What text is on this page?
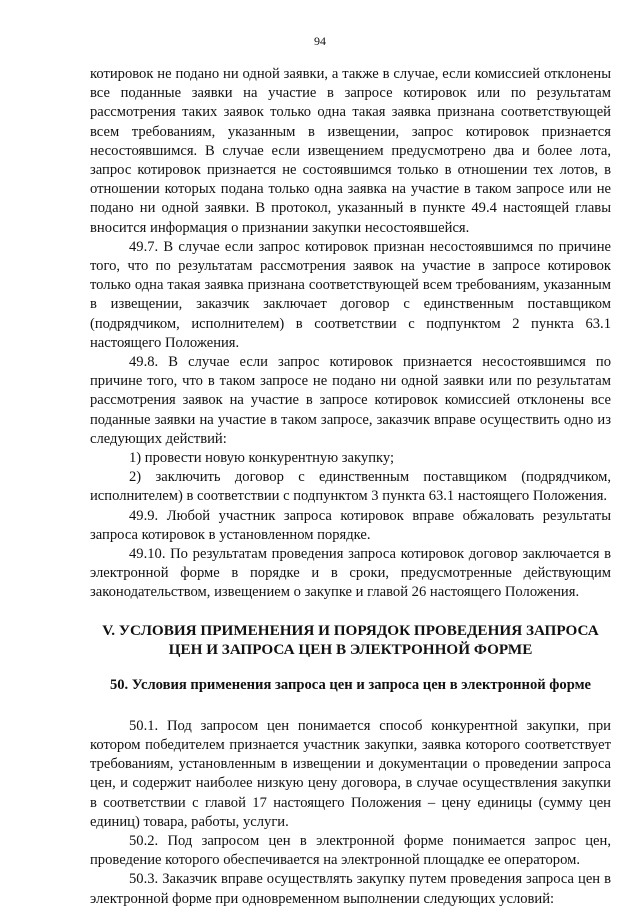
94

котировок не подано ни одной заявки, а также в случае, если комиссией отклонены все поданные заявки на участие в запросе котировок или по результатам рассмотрения таких заявок только одна такая заявка признана соответствующей всем требованиям, указанным в извещении, запрос котировок признается несостоявшимся. В случае если извещением предусмотрено два и более лота, запрос котировок признается не состоявшимся только в отношении тех лотов, в отношении которых подана только одна заявка на участие в таком запросе или не подано ни одной заявки. В протокол, указанный в пункте 49.4 настоящей главы вносится информация о признании закупки несостоявшейся.

49.7. В случае если запрос котировок признан несостоявшимся по причине того, что по результатам рассмотрения заявок на участие в запросе котировок только одна такая заявка признана соответствующей всем требованиям, указанным в извещении, заказчик заключает договор с единственным поставщиком (подрядчиком, исполнителем) в соответствии с подпунктом 2 пункта 63.1 настоящего Положения.

49.8. В случае если запрос котировок признается несостоявшимся по причине того, что в таком запросе не подано ни одной заявки или по результатам рассмотрения заявок на участие в запросе котировок комиссией отклонены все поданные заявки на участие в таком запросе, заказчик вправе осуществить одно из следующих действий:

1) провести новую конкурентную закупку;

2) заключить договор с единственным поставщиком (подрядчиком, исполнителем) в соответствии с подпунктом 3 пункта 63.1 настоящего Положения.

49.9. Любой участник запроса котировок вправе обжаловать результаты запроса котировок в установленном порядке.

49.10. По результатам проведения запроса котировок договор заключается в электронной форме в порядке и в сроки, предусмотренные действующим законодательством, извещением о закупке и главой 26 настоящего Положения.

V. УСЛОВИЯ ПРИМЕНЕНИЯ И ПОРЯДОК ПРОВЕДЕНИЯ ЗАПРОСА
ЦЕН И ЗАПРОСА ЦЕН В ЭЛЕКТРОННОЙ ФОРМЕ
50. Условия применения запроса цен и запроса цен в электронной форме

50.1. Под запросом цен понимается способ конкурентной закупки, при котором победителем признается участник закупки, заявка которого соответствует требованиям, установленным в извещении и документации о проведении запроса цен, и содержит наиболее низкую цену договора, в случае осуществления закупки в соответствии с главой 17 настоящего Положения – цену единицы (сумму цен единиц) товара, работы, услуги.

50.2. Под запросом цен в электронной форме понимается запрос цен, проведение которого обеспечивается на электронной площадке ее оператором.

50.3. Заказчик вправе осуществлять закупку путем проведения запроса цен в электронной форме при одновременном выполнении следующих условий:
